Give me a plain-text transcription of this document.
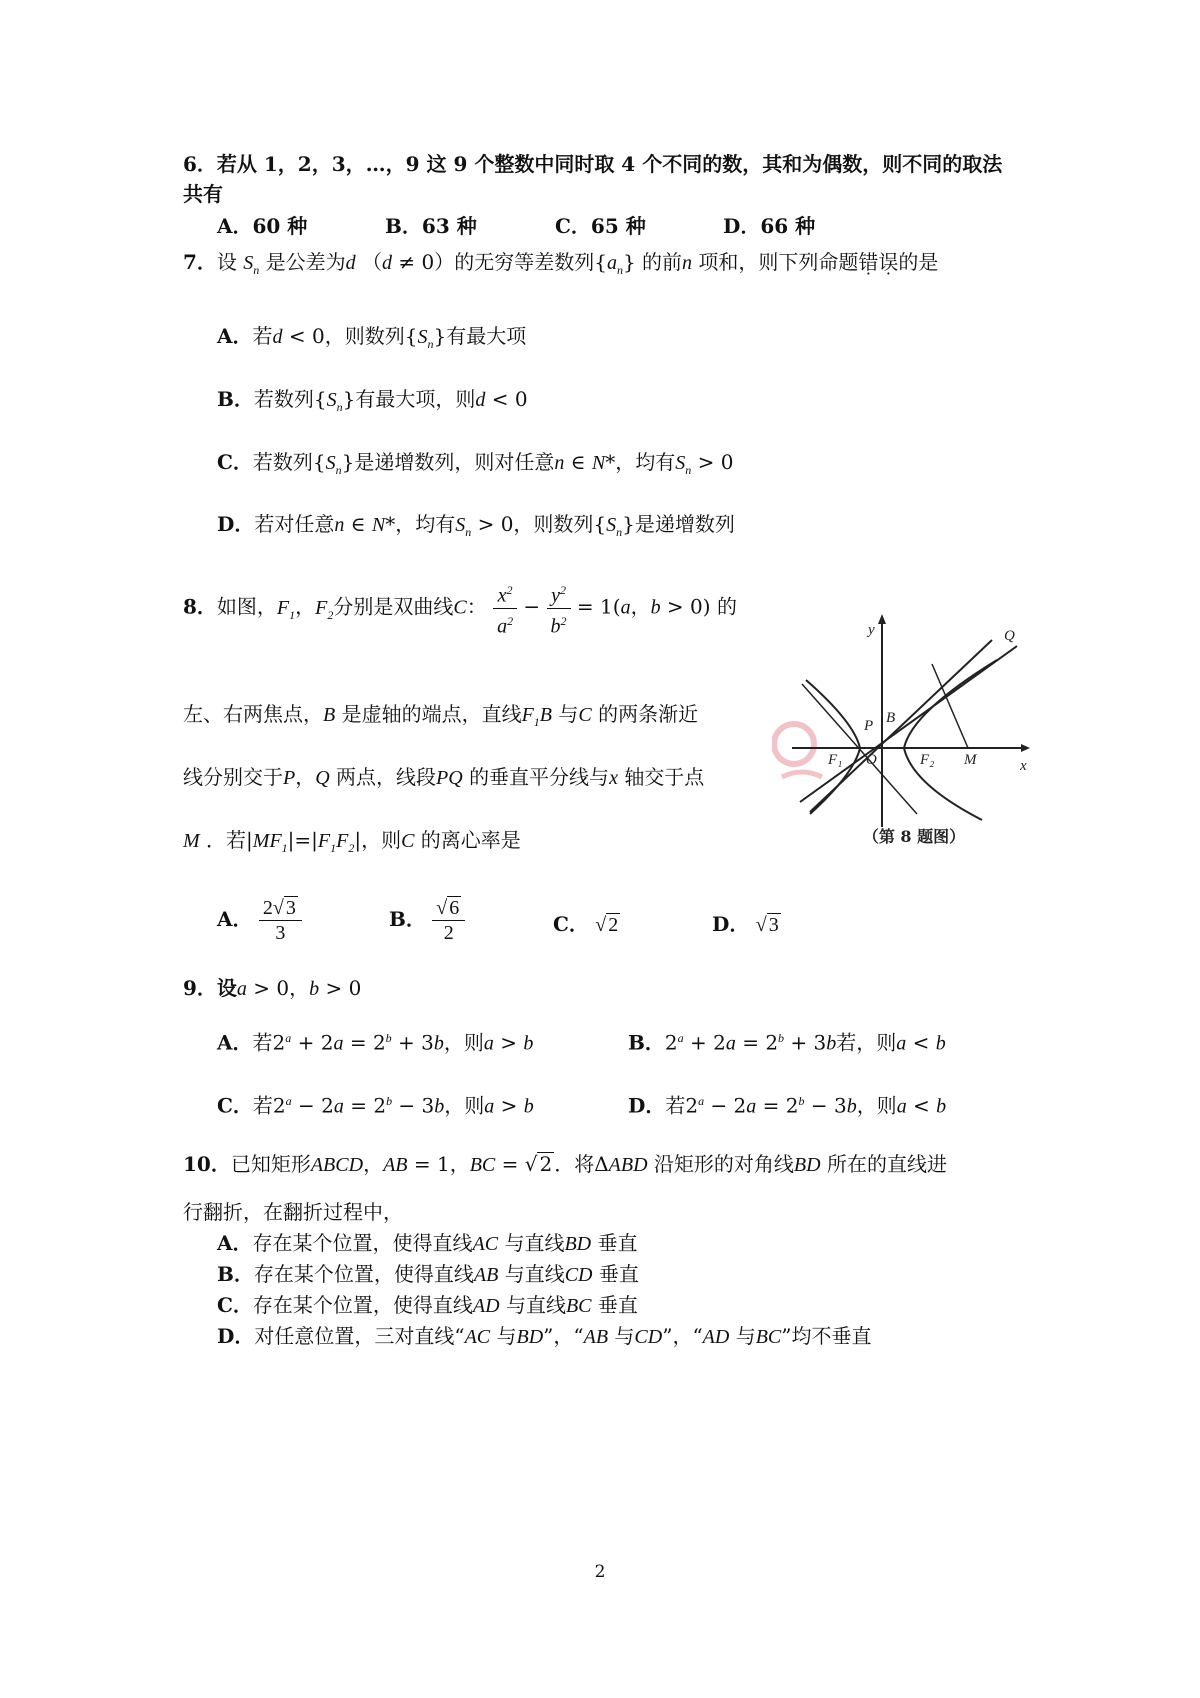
6．若从 1，2，3，…，9 这 9 个整数中同时取 4 个不同的数，其和为偶数，则不同的取法
共有
A．60 种	B．63 种	C．65 种	D．66 种
7．设 $S_n$ 是公差为d （d ≠ 0）的无穷等差数列$\{a_n\}$ 的前n 项和，则下列命题错误的是
A．若d < 0，则数列$\{S_n\}$有最大项
B．若数列$\{S_n\}$有最大项，则d < 0
C．若数列$\{S_n\}$是递增数列，则对任意n ∈ N*，均有$S_n > 0$
D．若对任意n ∈ N*，均有$S_n > 0$，则数列$\{S_n\}$是递增数列
8．如图，$F_1$，$F_2$分别是双曲线C： $\frac{x^2}{a^2} - \frac{y^2}{b^2} = 1(a$，b > 0) 的
左、右两焦点，B 是虚轴的端点，直线$F_1B$ 与C 的两条渐近
线分别交于P，Q 两点，线段PQ 的垂直平分线与x 轴交于点
M ．若$|MF_1|=|F_1F_2|$，则C 的离心率是
A． $\frac{2√ 3}{3}$	B． $\frac{√ 6}{2}$	C． √ 2	D． √ 3
y
x
Q
P B
O
F₁	F₂ M
（第 8 题图）
9．设a > 0，b > 0
A．若$2^a + 2a = 2^b + 3b$，则a > b	B．$2^a + 2a = 2^b + 3b$若，则a < b
C．若$2^a - 2a = 2^b - 3b$，则a > b	D．若$2^a - 2a = 2^b - 3b$，则a < b
10．已知矩形ABCD，AB = 1，BC = √ 2 ．将ΔABD 沿矩形的对角线BD 所在的直线进
行翻折，在翻折过程中，
A．存在某个位置，使得直线AC 与直线BD 垂直
B．存在某个位置，使得直线AB 与直线CD 垂直
C．存在某个位置，使得直线AD 与直线BC 垂直
D．对任意位置，三对直线“AC 与BD”，“AB 与CD”，“AD 与BC”均不垂直
2
